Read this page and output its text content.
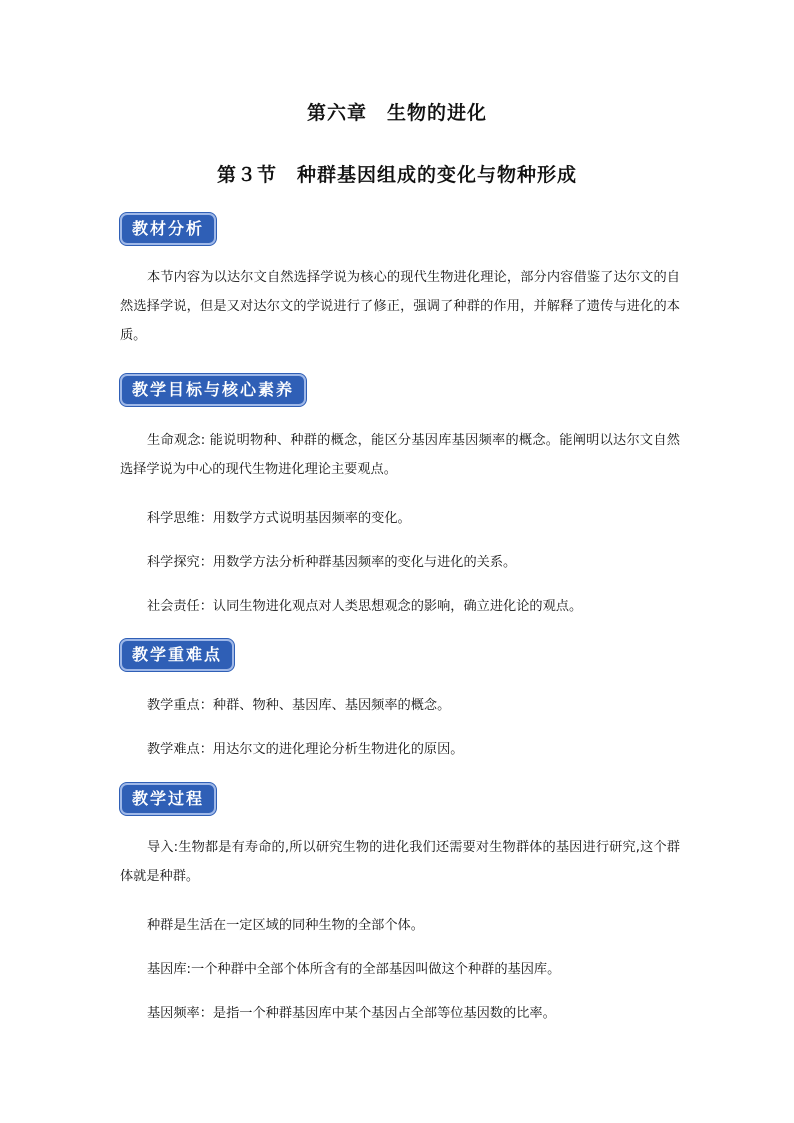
第六章　生物的进化
第３节　种群基因组成的变化与物种形成
教材分析
本节内容为以达尔文自然选择学说为核心的现代生物进化理论，部分内容借鉴了达尔文的自然选择学说，但是又对达尔文的学说进行了修正，强调了种群的作用，并解释了遗传与进化的本质。
教学目标与核心素养
生命观念: 能说明物种、种群的概念，能区分基因库基因频率的概念。能阐明以达尔文自然选择学说为中心的现代生物进化理论主要观点。
科学思维：用数学方式说明基因频率的变化。
科学探究：用数学方法分析种群基因频率的变化与进化的关系。
社会责任：认同生物进化观点对人类思想观念的影响，确立进化论的观点。
教学重难点
教学重点：种群、物种、基因库、基因频率的概念。
教学难点：用达尔文的进化理论分析生物进化的原因。
教学过程
导入:生物都是有寿命的,所以研究生物的进化我们还需要对生物群体的基因进行研究,这个群体就是种群。
种群是生活在一定区域的同种生物的全部个体。
基因库:一个种群中全部个体所含有的全部基因叫做这个种群的基因库。
基因频率：是指一个种群基因库中某个基因占全部等位基因数的比率。
